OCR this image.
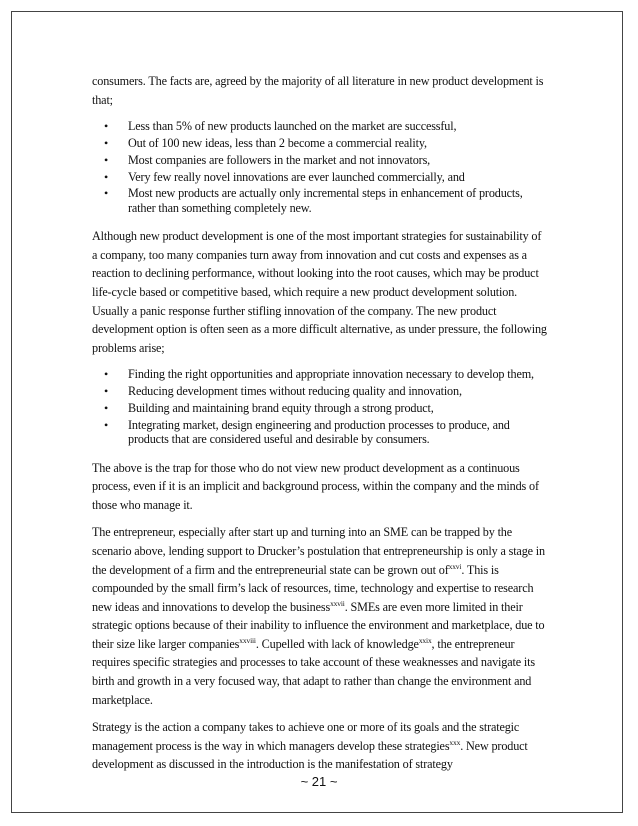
consumers. The facts are, agreed by the majority of all literature in new product development is that;

• Less than 5% of new products launched on the market are successful,
• Out of 100 new ideas, less than 2 become a commercial reality,
• Most companies are followers in the market and not innovators,
• Very few really novel innovations are ever launched commercially, and
• Most new products are actually only incremental steps in enhancement of products, rather than something completely new.

Although new product development is one of the most important strategies for sustainability of a company, too many companies turn away from innovation and cut costs and expenses as a reaction to declining performance, without looking into the root causes, which may be product life-cycle based or competitive based, which require a new product development solution. Usually a panic response further stifling innovation of the company. The new product development option is often seen as a more difficult alternative, as under pressure, the following problems arise;

• Finding the right opportunities and appropriate innovation necessary to develop them,
• Reducing development times without reducing quality and innovation,
• Building and maintaining brand equity through a strong product,
• Integrating market, design engineering and production processes to produce, and products that are considered useful and desirable by consumers.

The above is the trap for those who do not view new product development as a continuous process, even if it is an implicit and background process, within the company and the minds of those who manage it.

The entrepreneur, especially after start up and turning into an SME can be trapped by the scenario above, lending support to Drucker’s postulation that entrepreneurship is only a stage in the development of a firm and the entrepreneurial state can be grown out $of^{xxvi}$. This is compounded by the small firm’s lack of resources, time, technology and expertise to research new ideas and innovations to develop the business$^{xxvii}$. SMEs are even more limited in their strategic options because of their inability to influence the environment and marketplace, due to their size like larger companies$^{xxviii}$. Cupelled with lack of knowledge$^{xxix}$, the entrepreneur requires specific strategies and processes to take account of these weaknesses and navigate its birth and growth in a very focused way, that adapt to rather than change the environment and marketplace.

Strategy is the action a company takes to achieve one or more of its goals and the strategic management process is the way in which managers develop these strategies$^{xxx}$. New product development as discussed in the introduction is the manifestation of strategy

~ 21 ~
